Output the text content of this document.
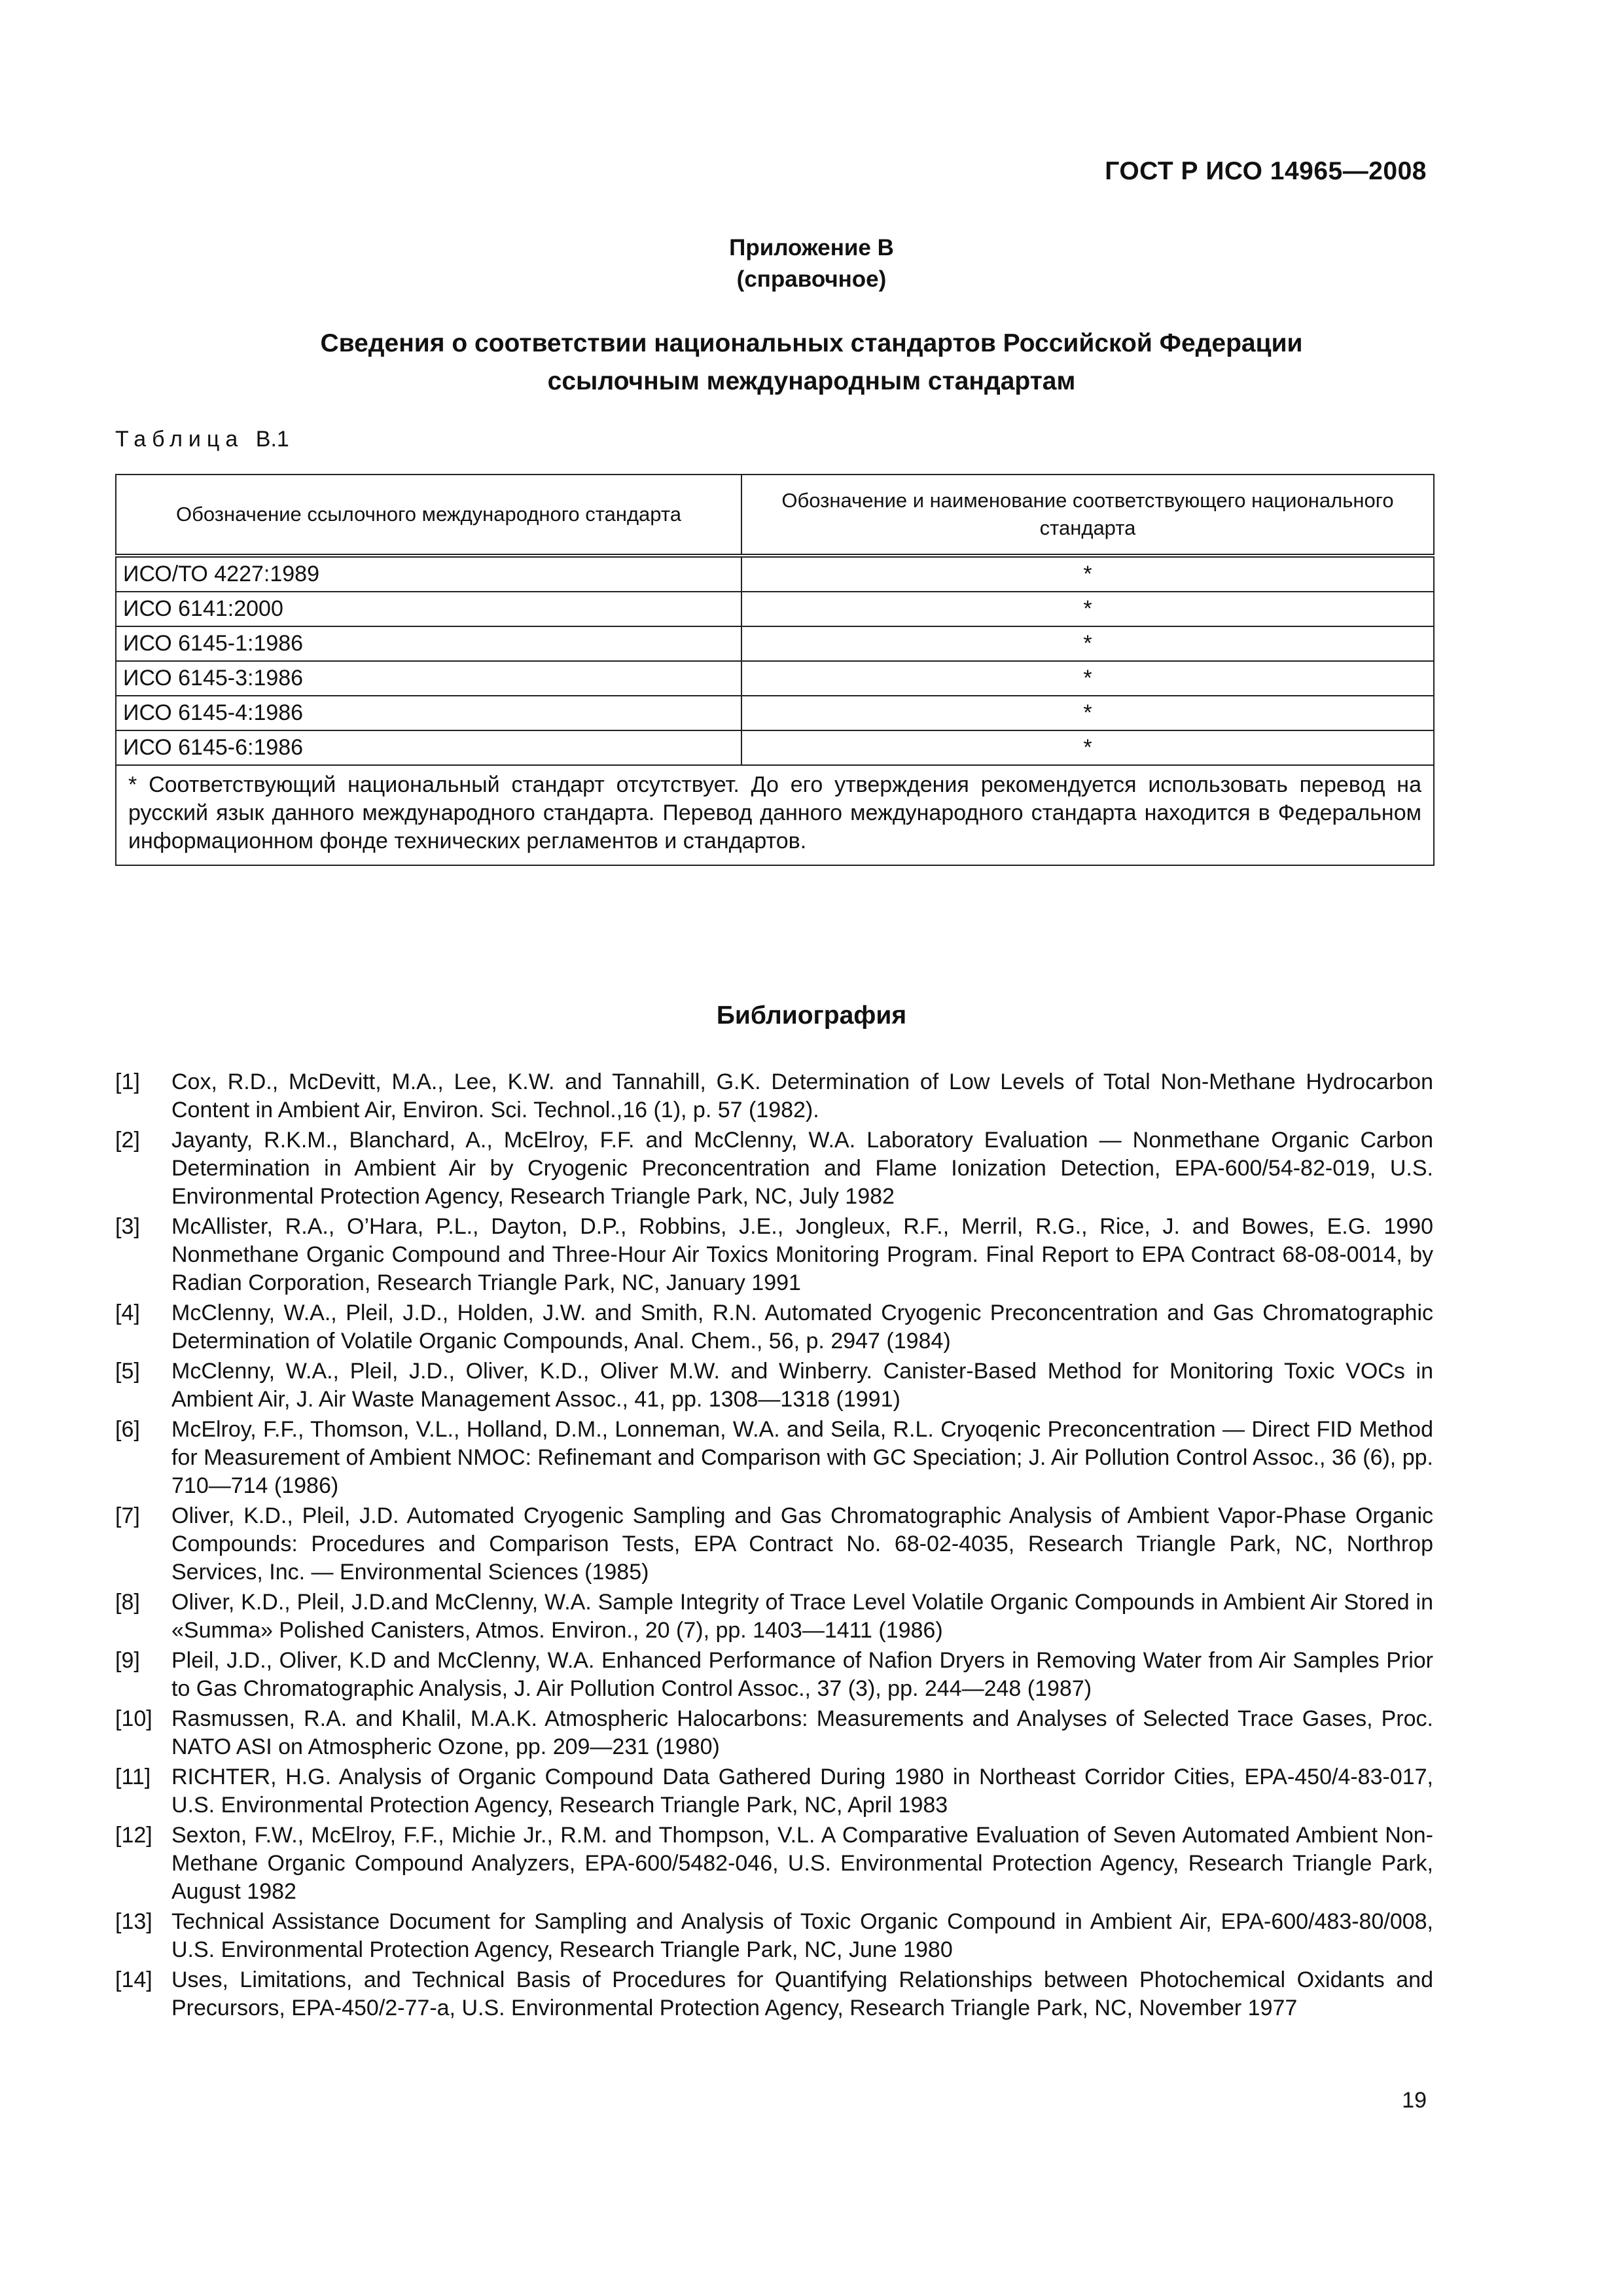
ГОСТ Р ИСО 14965—2008
Приложение В
(справочное)
Сведения о соответствии национальных стандартов Российской Федерации
ссылочным международным стандартам
Таблица В.1
Обозначение ссылочного международного стандарта	Обозначение и наименование соответствующего национального стандарта
ИСО/ТО 4227:1989	*
ИСО 6141:2000	*
ИСО 6145-1:1986	*
ИСО 6145-3:1986	*
ИСО 6145-4:1986	*
ИСО 6145-6:1986	*
* Соответствующий национальный стандарт отсутствует. До его утверждения рекомендуется использовать перевод на русский язык данного международного стандарта. Перевод данного международного стандарта находится в Федеральном информационном фонде технических регламентов и стандартов.	
Библиография
[1]	Cox, R.D., McDevitt, M.A., Lee, K.W. and Tannahill, G.K. Determination of Low Levels of Total Non-Methane Hydrocarbon Content in Ambient Air, Environ. Sci. Technol.,16 (1), p. 57 (1982).
[2]	Jayanty, R.K.M., Blanchard, A., McElroy, F.F. and McClenny, W.A. Laboratory Evaluation — Nonmethane Organic Carbon Determination in Ambient Air by Cryogenic Preconcentration and Flame Ionization Detection, EPA-600/54-82-019, U.S. Environmental Protection Agency, Research Triangle Park, NC, July 1982
[3]	McAllister, R.A., O’Hara, P.L., Dayton, D.P., Robbins, J.E., Jongleux, R.F., Merril, R.G., Rice, J. and Bowes, E.G. 1990 Nonmethane Organic Compound and Three-Hour Air Toxics Monitoring Program. Final Report to EPA Contract 68-08-0014, by Radian Corporation, Research Triangle Park, NC, January 1991
[4]	McClenny, W.A., Pleil, J.D., Holden, J.W. and Smith, R.N. Automated Cryogenic Preconcentration and Gas Chromatographic Determination of Volatile Organic Compounds, Anal. Chem., 56, p. 2947 (1984)
[5]	McClenny, W.A., Pleil, J.D., Oliver, K.D., Oliver M.W. and Winberry. Canister-Based Method for Monitoring Toxic VOCs in Ambient Air, J. Air Waste Management Assoc., 41, pp. 1308—1318 (1991)
[6]	McElroy, F.F., Thomson, V.L., Holland, D.M., Lonneman, W.A. and Seila, R.L. Cryoqenic Preconcentration — Direct FID Method for Measurement of Ambient NMOC: Refinemant and Comparison with GC Speciation; J. Air Pollution Control Assoc., 36 (6), pp. 710—714 (1986)
[7]	Oliver, K.D., Pleil, J.D. Automated Cryogenic Sampling and Gas Chromatographic Analysis of Ambient Vapor-Phase Organic Compounds: Procedures and Comparison Tests, EPA Contract No. 68-02-4035, Research Triangle Park, NC, Northrop Services, Inc. — Environmental Sciences (1985)
[8]	Oliver, K.D., Pleil, J.D.and McClenny, W.A. Sample Integrity of Trace Level Volatile Organic Compounds in Ambient Air Stored in «Summa» Polished Canisters, Atmos. Environ., 20 (7), pp. 1403—1411 (1986)
[9]	Pleil, J.D., Oliver, K.D and McClenny, W.A. Enhanced Performance of Nafion Dryers in Removing Water from Air Samples Prior to Gas Chromatographic Analysis, J. Air Pollution Control Assoc., 37 (3), pp. 244—248 (1987)
[10] Rasmussen, R.A. and Khalil, M.A.K. Atmospheric Halocarbons: Measurements and Analyses of Selected Trace Gases, Proc. NATO ASI on Atmospheric Ozone, pp. 209—231 (1980)
[11] RICHTER, H.G. Analysis of Organic Compound Data Gathered During 1980 in Northeast Corridor Cities, EPA-450/4-83-017, U.S. Environmental Protection Agency, Research Triangle Park, NC, April 1983
[12] Sexton, F.W., McElroy, F.F., Michie Jr., R.M. and Thompson, V.L. A Comparative Evaluation of Seven Automated Ambient Non-Methane Organic Compound Analyzers, EPA-600/5482-046, U.S. Environmental Protection Agency, Research Triangle Park, August 1982
[13] Technical Assistance Document for Sampling and Analysis of Toxic Organic Compound in Ambient Air, EPA-600/483-80/008, U.S. Environmental Protection Agency, Research Triangle Park, NC, June 1980
[14] Uses, Limitations, and Technical Basis of Procedures for Quantifying Relationships between Photochemical Oxidants and Precursors, EPA-450/2-77-a, U.S. Environmental Protection Agency, Research Triangle Park, NC, November 1977
19
